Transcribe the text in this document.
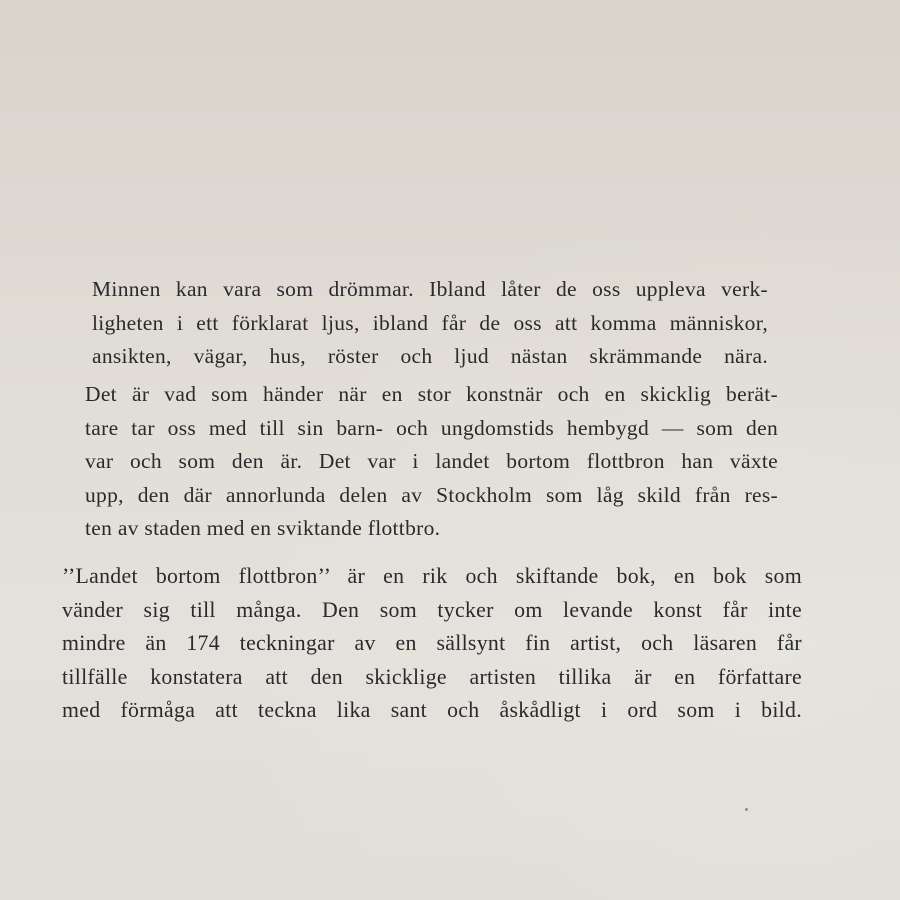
Minnen kan vara som drömmar. Ibland låter de oss uppleva verk-
ligheten i ett förklarat ljus, ibland får de oss att komma människor,
ansikten, vägar, hus, röster och ljud nästan skrämmande nära.
Det är vad som händer när en stor konstnär och en skicklig berät-
tare tar oss med till sin barn- och ungdomstids hembygd — som den
var och som den är. Det var i landet bortom flottbron han växte
upp, den där annorlunda delen av Stockholm som låg skild från res-
ten av staden med en sviktande flottbro.
’’Landet bortom flottbron’’ är en rik och skiftande bok, en bok som
vänder sig till många. Den som tycker om levande konst får inte
mindre än 174 teckningar av en sällsynt fin artist, och läsaren får
tillfälle konstatera att den skicklige artisten tillika är en författare
med förmåga att teckna lika sant och åskådligt i ord som i bild.
